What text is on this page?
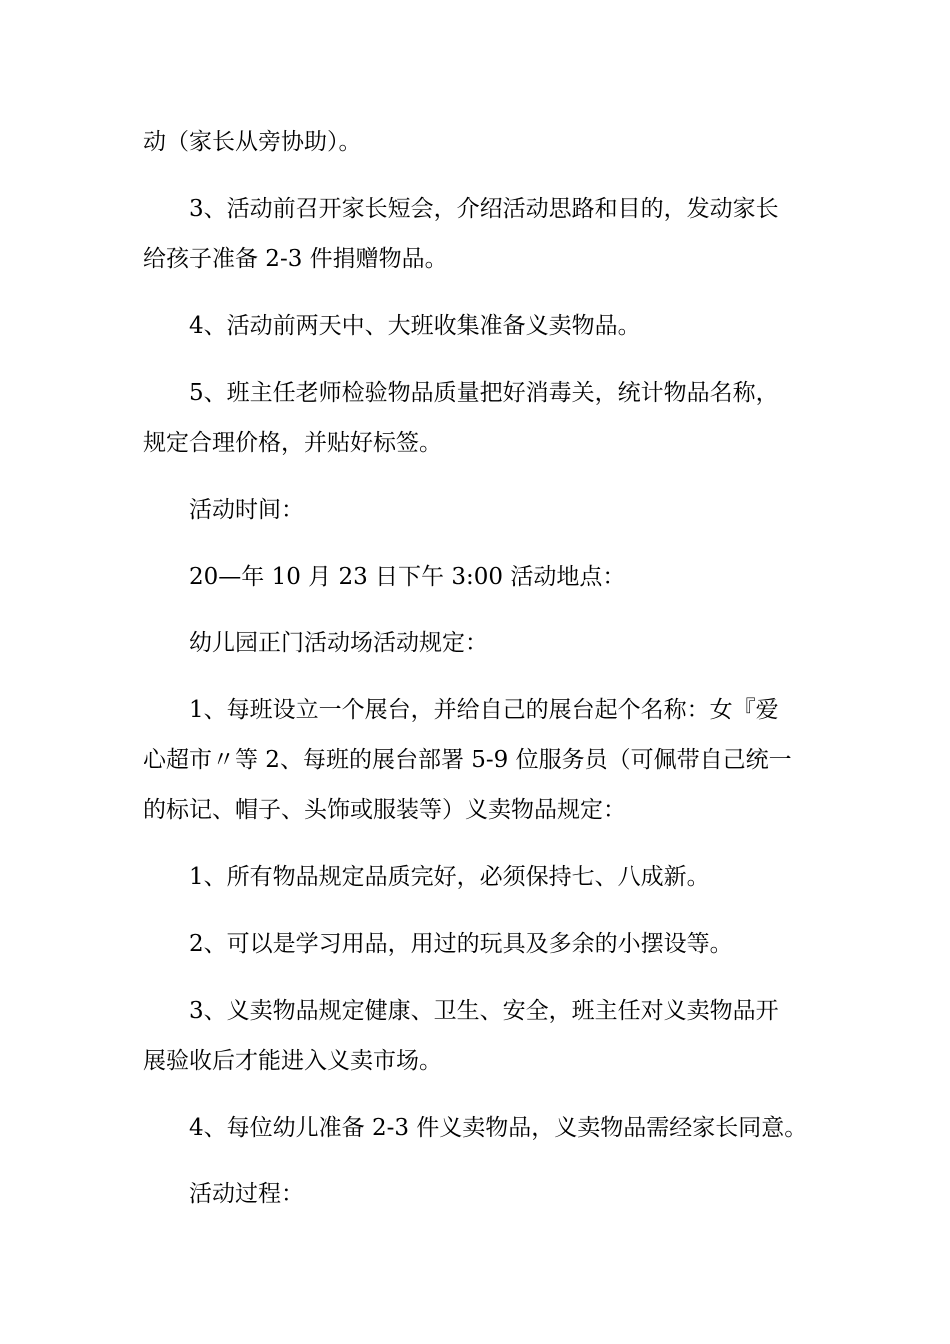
动（家长从旁协助）。
3、活动前召开家长短会，介绍活动思路和目的，发动家长
给孩子准备 2-3 件捐赠物品。
4、活动前两天中、大班收集准备义卖物品。
5、班主任老师检验物品质量把好消毒关，统计物品名称，
规定合理价格，并贴好标签。
活动时间：
20—年 10 月 23 日下午 3:00 活动地点：
幼儿园正门活动场活动规定：
1、每班设立一个展台，并给自己的展台起个名称：女『爱
心超市〃等 2、每班的展台部署 5-9 位服务员（可佩带自己统一
的标记、帽子、头饰或服装等）义卖物品规定：
1、所有物品规定品质完好，必须保持七、八成新。
2、可以是学习用品，用过的玩具及多余的小摆设等。
3、义卖物品规定健康、卫生、安全，班主任对义卖物品开
展验收后才能进入义卖市场。
4、每位幼儿准备 2-3 件义卖物品，义卖物品需经家长同意。
活动过程：
